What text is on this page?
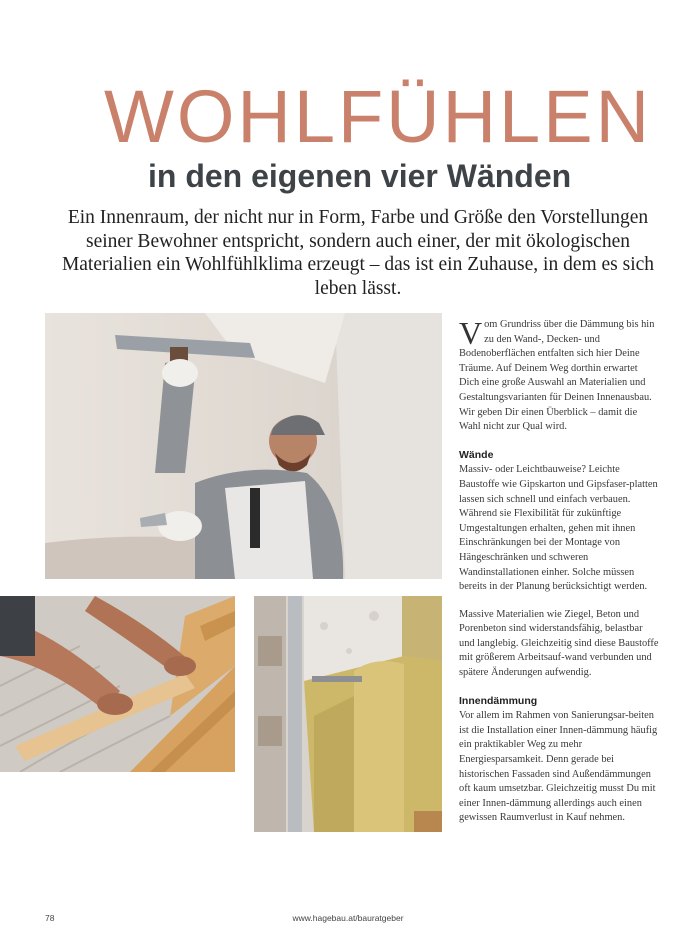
WOHLFÜHLEN
in den eigenen vier Wänden
Ein Innenraum, der nicht nur in Form, Farbe und Größe den Vorstellungen seiner Bewohner entspricht, sondern auch einer, der mit ökologischen Materialien ein Wohlfühlklima erzeugt – das ist ein Zuhause, in dem es sich leben lässt.

Vom Grundriss über die Dämmung bis hin zu den Wand-, Decken- und Bodenoberflächen entfalten sich hier Deine Träume. Auf Deinem Weg dorthin erwartet Dich eine große Auswahl an Materialien und Gestaltungsvarianten für Deinen Innenausbau. Wir geben Dir einen Überblick – damit die Wahl nicht zur Qual wird.

Wände

Massiv- oder Leichtbauweise? Leichte Baustoffe wie Gipskarton und Gipsfaser-platten lassen sich schnell und einfach verbauen. Während sie Flexibilität für zukünftige Umgestaltungen erhalten, gehen mit ihnen Einschränkungen bei der Montage von Hängeschränken und schweren Wandinstallationen einher. Solche müssen bereits in der Planung berücksichtigt werden.

Massive Materialien wie Ziegel, Beton und Porenbeton sind widerstandsfähig, belastbar und langlebig. Gleichzeitig sind diese Baustoffe mit größerem Arbeitsauf-wand verbunden und spätere Änderungen aufwendig.

Innendämmung

Vor allem im Rahmen von Sanierungsar-beiten ist die Installation einer Innen-dämmung häufig ein praktikabler Weg zu mehr Energiesparsamkeit. Denn gerade bei historischen Fassaden sind Außendämmungen oft kaum umsetzbar. Gleichzeitig musst Du mit einer Innen-dämmung allerdings auch einen gewissen Raumverlust in Kauf nehmen.

78	www.hagebau.at/bauratgeber
